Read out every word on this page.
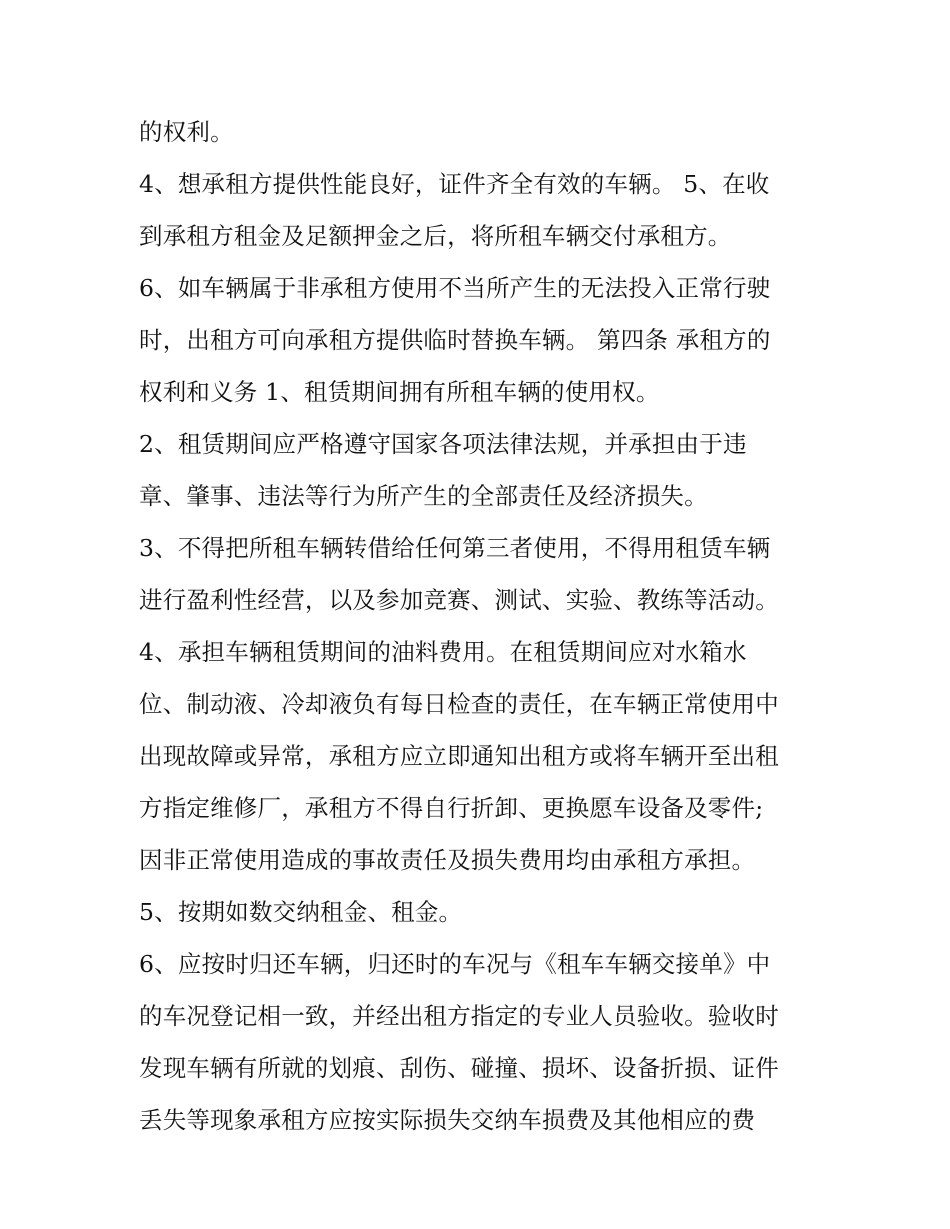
的权利。
4、想承租方提供性能良好，证件齐全有效的车辆。 5、在收
到承租方租金及足额押金之后，将所租车辆交付承租方。
6、如车辆属于非承租方使用不当所产生的无法投入正常行驶
时，出租方可向承租方提供临时替换车辆。 第四条 承租方的
权利和义务 1、租赁期间拥有所租车辆的使用权。
2、租赁期间应严格遵守国家各项法律法规，并承担由于违
章、肇事、违法等行为所产生的全部责任及经济损失。
3、不得把所租车辆转借给任何第三者使用，不得用租赁车辆
进行盈利性经营，以及参加竞赛、测试、实验、教练等活动。
4、承担车辆租赁期间的油料费用。在租赁期间应对水箱水
位、制动液、冷却液负有每日检查的责任，在车辆正常使用中
出现故障或异常，承租方应立即通知出租方或将车辆开至出租
方指定维修厂，承租方不得自行折卸、更换愿车设备及零件;
因非正常使用造成的事故责任及损失费用均由承租方承担。
5、按期如数交纳租金、租金。
6、应按时归还车辆，归还时的车况与《租车车辆交接单》中
的车况登记相一致，并经出租方指定的专业人员验收。验收时
发现车辆有所就的划痕、刮伤、碰撞、损坏、设备折损、证件
丢失等现象承租方应按实际损失交纳车损费及其他相应的费
